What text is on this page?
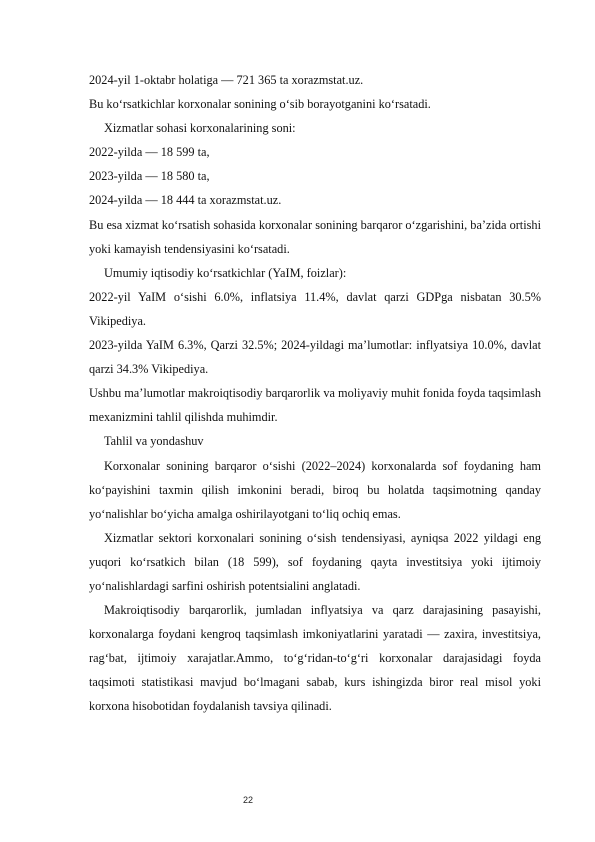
2024-yil 1-oktabr holatiga — 721 365 ta xorazmstat.uz.

Bu ko‘rsatkichlar korxonalar sonining o‘sib borayotganini ko‘rsatadi.

Xizmatlar sohasi korxonalarining soni:

2022-yilda — 18 599 ta,

2023-yilda — 18 580 ta,

2024-yilda — 18 444 ta xorazmstat.uz.

Bu esa xizmat ko‘rsatish sohasida korxonalar sonining barqaror o‘zgarishini, ba’zida ortishi yoki kamayish tendensiyasini ko‘rsatadi.

Umumiy iqtisodiy ko‘rsatkichlar (YaIM, foizlar):

2022-yil YaIM o‘sishi 6.0%, inflatsiya 11.4%, davlat qarzi GDPga nisbatan 30.5% Vikipediya.

2023-yilda YaIM 6.3%, Qarzi 32.5%; 2024-yildagi ma’lumotlar: inflyatsiya 10.0%, davlat qarzi 34.3% Vikipediya.

Ushbu ma’lumotlar makroiqtisodiy barqarorlik va moliyaviy muhit fonida foyda taqsimlash mexanizmini tahlil qilishda muhimdir.

Tahlil va yondashuv

Korxonalar sonining barqaror o‘sishi (2022–2024) korxonalarda sof foydaning ham ko‘payishini taxmin qilish imkonini beradi, biroq bu holatda taqsimotning qanday yo‘nalishlar bo‘yicha amalga oshirilayotgani to‘liq ochiq emas.

Xizmatlar sektori korxonalari sonining o‘sish tendensiyasi, ayniqsa 2022 yildagi eng yuqori ko‘rsatkich bilan (18 599), sof foydaning qayta investitsiya yoki ijtimoiy yo‘nalishlardagi sarfini oshirish potentsialini anglatadi.

Makroiqtisodiy barqarorlik, jumladan inflyatsiya va qarz darajasining pasayishi, korxonalarga foydani kengroq taqsimlash imkoniyatlarini yaratadi — zaxira, investitsiya, rag‘bat, ijtimoiy xarajatlar.Ammo, to‘g‘ridan-to‘g‘ri korxonalar darajasidagi foyda taqsimoti statistikasi mavjud bo‘lmagani sabab, kurs ishingizda biror real misol yoki korxona hisobotidan foydalanish tavsiya qilinadi.

22
